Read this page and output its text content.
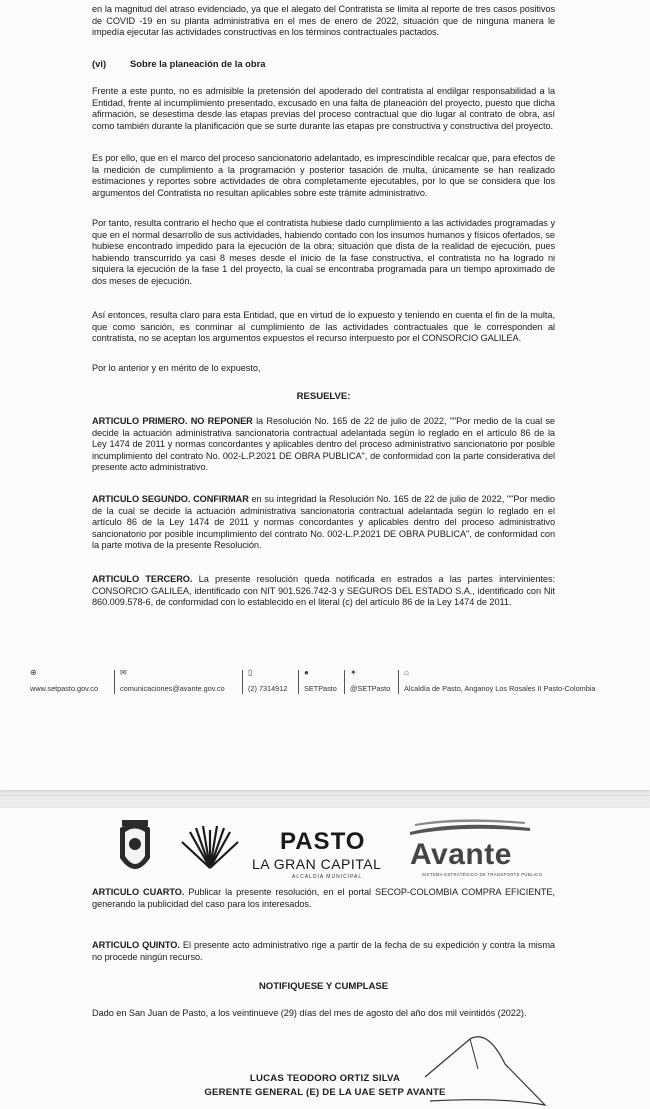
en la magnitud del atraso evidenciado, ya que el alegato del Contratista se limita al reporte de tres casos positivos de COVID -19 en su planta administrativa en el mes de enero de 2022, situación que de ninguna manera le impedía ejecutar las actividades constructivas en los términos contractuales pactados.

(vi)	Sobre la planeación de la obra

Frente a este punto, no es admisible la pretensión del apoderado del contratista al endilgar responsabilidad a la Entidad, frente al incumplimiento presentado, excusado en una falta de planeación del proyecto, puesto que dicha afirmación, se desestima desde las etapas previas del proceso contractual que dio lugar al contrato de obra, así como también durante la planificación que se surte durante las etapas pre constructiva y constructiva del proyecto.

Es por ello, que en el marco del proceso sancionatorio adelantado, es imprescindible recalcar que, para efectos de la medición de cumplimiento a la programación y posterior tasación de multa, únicamente se han realizado estimaciones y reportes sobre actividades de obra completamente ejecutables, por lo que se considera que los argumentos del Contratista no resultan aplicables sobre este trámite administrativo.

Por tanto, resulta contrario el hecho que el contratista hubiese dado cumplimiento a las actividades programadas y que en el normal desarrollo de sus actividades, habiendo contado con los insumos humanos y físicos ofertados, se hubiese encontrado impedido para la ejecución de la obra; situación que dista de la realidad de ejecución, pues habiendo transcurrido ya casi 8 meses desde el inicio de la fase constructiva, el contratista no ha logrado ni siquiera la ejecución de la fase 1 del proyecto, la cual se encontraba programada para un tiempo aproximado de dos meses de ejecución.

Así entonces, resulta claro para esta Entidad, que en virtud de lo expuesto y teniendo en cuenta el fin de la multa, que como sanción, es conminar al cumplimiento de las actividades contractuales que le corresponden al contratista, no se aceptan los argumentos expuestos el recurso interpuesto por el CONSORCIO GALILEA.

Por lo anterior y en mérito de lo expuesto,

RESUELVE:

ARTICULO PRIMERO. NO REPONER la Resolución No. 165 de 22 de julio de 2022, ""Por medio de la cual se decide la actuación administrativa sancionatoria contractual adelantada según lo reglado en el artículo 86 de la Ley 1474 de 2011 y normas concordantes y aplicables dentro del proceso administrativo sancionatorio por posible incumplimiento del contrato No. 002-L.P.2021 DE OBRA PUBLICA", de conformidad con la parte considerativa del presente acto administrativo.

ARTICULO SEGUNDO. CONFIRMAR en su integridad la Resolución No. 165 de 22 de julio de 2022, ""Por medio de la cual se decide la actuación administrativa sancionatoria contractual adelantada según lo reglado en el artículo 86 de la Ley 1474 de 2011 y normas concordantes y aplicables dentro del proceso administrativo sancionatorio por posible incumplimiento del contrato No. 002-L.P.2021 DE OBRA PUBLICA", de conformidad con la parte motiva de la presente Resolución.

ARTICULO TERCERO. La presente resolución queda notificada en estrados a las partes intervinientes: CONSORCIO GALILEA, identificado con NIT 901.526.742-3 y SEGUROS DEL ESTADO S.A., identificado con Nit 860.009.578-6, de conformidad con lo establecido en el literal (c) del artículo 86 de la Ley 1474 de 2011.

⊕
www.setpasto.gov.co
✉
comunicaciones@avante.gov.co
▯
(2) 7314912
●
SETPasto
✦
@SETPasto
⌂
Alcaldía de Pasto, Anganoy Los Rosales II Pasto-Colombia
PASTO
LA GRAN CAPITAL
ALCALDÍA MUNICIPAL
Avante
SISTEMA ESTRATÉGICO DE TRANSPORTE PÚBLICO

ARTICULO CUARTO. Publicar la presente resolución, en el portal SECOP-COLOMBIA COMPRA EFICIENTE, generando la publicidad del caso para los interesados.

ARTICULO QUINTO. El presente acto administrativo rige a partir de la fecha de su expedición y contra la misma no procede ningún recurso.

NOTIFIQUESE Y CUMPLASE

Dado en San Juan de Pasto, a los veintinueve (29) días del mes de agosto del año dos mil veintidós (2022).

LUCAS TEODORO ORTIZ SILVA
GERENTE GENERAL (E) DE LA UAE SETP AVANTE
